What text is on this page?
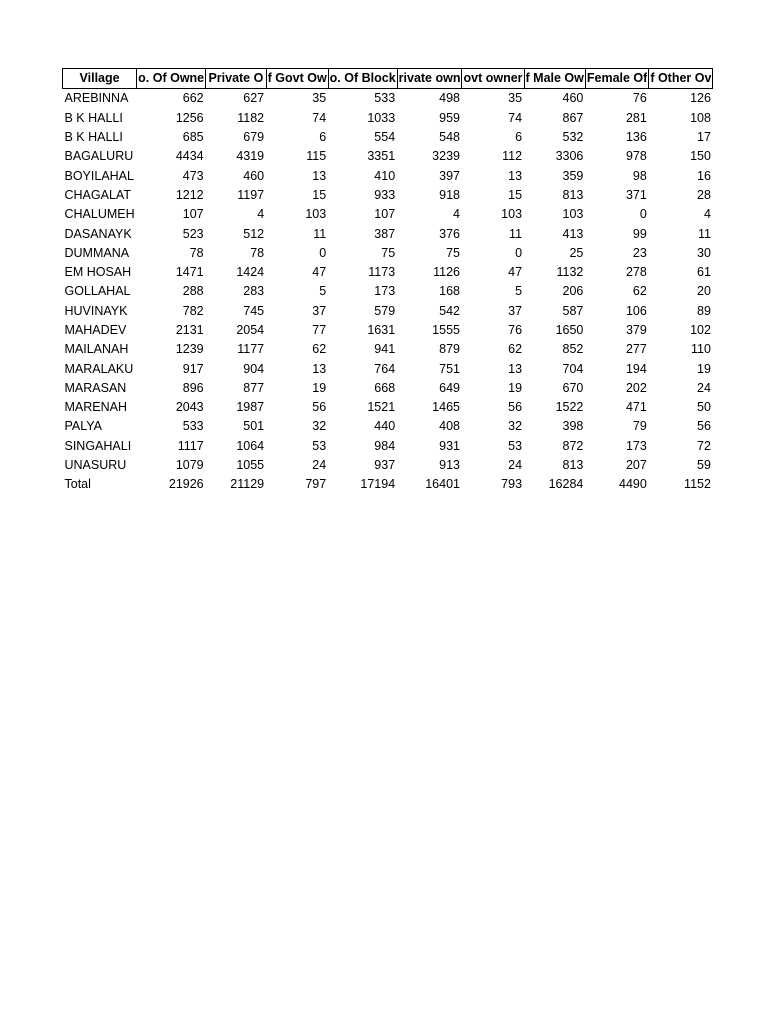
Village	o. Of Owne	Private O	f Govt Ow	o. Of Block	rivate own	ovt owner	f Male Ow	Female Of	f Other Ov

AREBINNA	662	627	35	533	498	35	460	76	126
B K HALLI	1256	1182	74	1033	959	74	867	281	108
B K HALLI	685	679	6	554	548	6	532	136	17
BAGALURU	4434	4319	115	3351	3239	112	3306	978	150
BOYILAHAL	473	460	13	410	397	13	359	98	16
CHAGALAT	1212	1197	15	933	918	15	813	371	28
CHALUMEH	107	4	103	107	4	103	103	0	4
DASANAYK	523	512	11	387	376	11	413	99	11
DUMMANA	78	78	0	75	75	0	25	23	30
EM HOSAH	1471	1424	47	1173	1126	47	1132	278	61
GOLLAHAL	288	283	5	173	168	5	206	62	20
HUVINAYK	782	745	37	579	542	37	587	106	89
MAHADEV	2131	2054	77	1631	1555	76	1650	379	102
MAILANAH	1239	1177	62	941	879	62	852	277	110
MARALAKU	917	904	13	764	751	13	704	194	19
MARASAN	896	877	19	668	649	19	670	202	24
MARENAH	2043	1987	56	1521	1465	56	1522	471	50
PALYA	533	501	32	440	408	32	398	79	56
SINGAHALI	1117	1064	53	984	931	53	872	173	72
UNASURU	1079	1055	24	937	913	24	813	207	59
Total	21926	21129	797	17194	16401	793	16284	4490	1152
